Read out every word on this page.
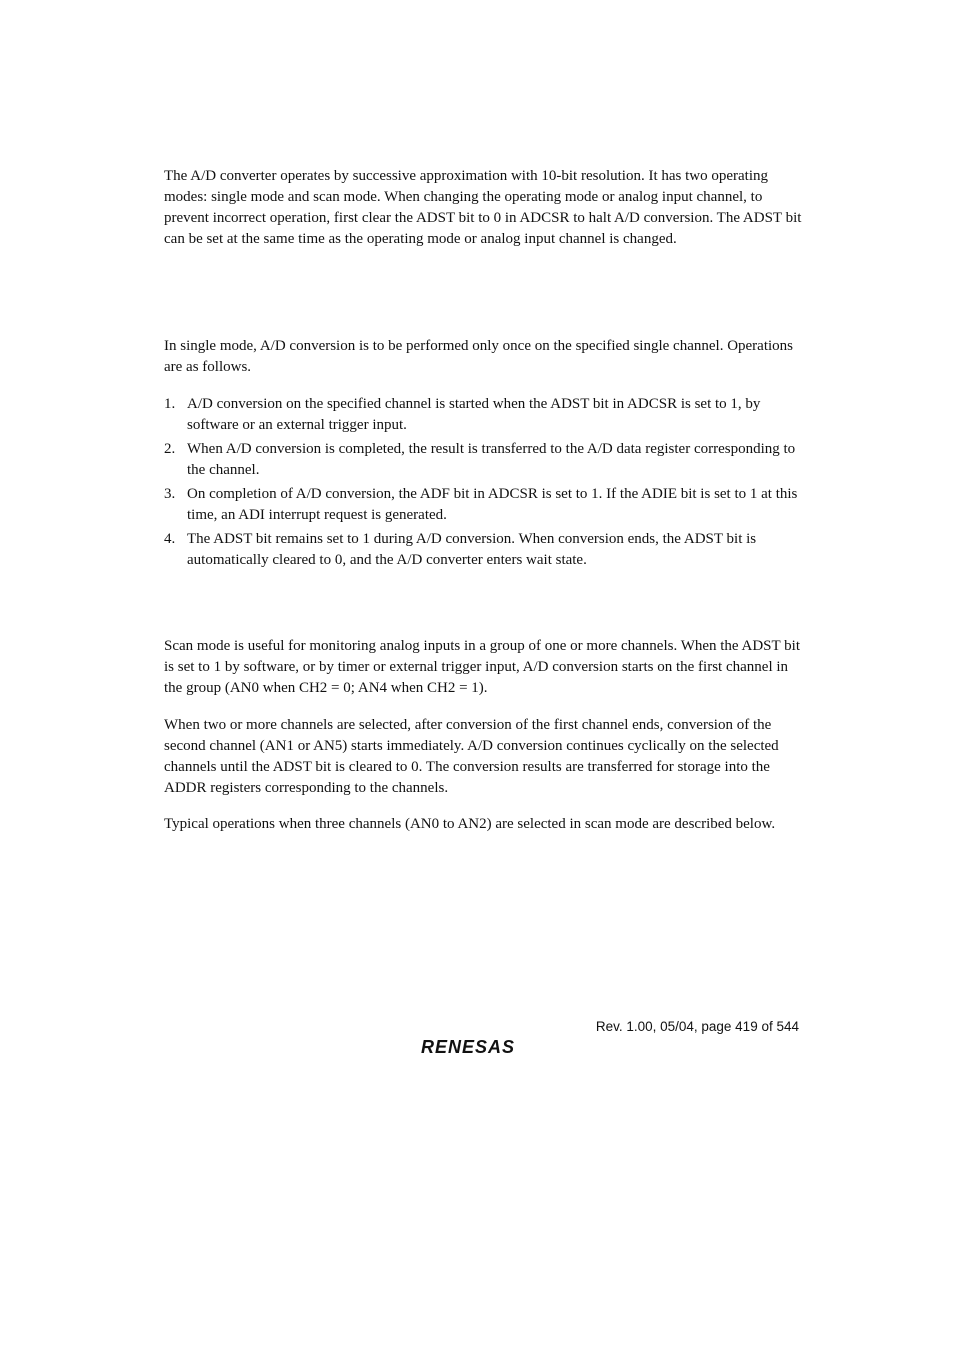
The A/D converter operates by successive approximation with 10-bit resolution. It has two operating modes: single mode and scan mode. When changing the operating mode or analog input channel, to prevent incorrect operation, first clear the ADST bit to 0 in ADCSR to halt A/D conversion. The ADST bit can be set at the same time as the operating mode or analog input channel is changed.

In single mode, A/D conversion is to be performed only once on the specified single channel. Operations are as follows.

1. A/D conversion on the specified channel is started when the ADST bit in ADCSR is set to 1, by software or an external trigger input.
2. When A/D conversion is completed, the result is transferred to the A/D data register corresponding to the channel.
3. On completion of A/D conversion, the ADF bit in ADCSR is set to 1. If the ADIE bit is set to 1 at this time, an ADI interrupt request is generated.
4. The ADST bit remains set to 1 during A/D conversion. When conversion ends, the ADST bit is automatically cleared to 0, and the A/D converter enters wait state.

Scan mode is useful for monitoring analog inputs in a group of one or more channels. When the ADST bit is set to 1 by software, or by timer or external trigger input, A/D conversion starts on the first channel in the group (AN0 when CH2 = 0; AN4 when CH2 = 1).

When two or more channels are selected, after conversion of the first channel ends, conversion of the second channel (AN1 or AN5) starts immediately. A/D conversion continues cyclically on the selected channels until the ADST bit is cleared to 0. The conversion results are transferred for storage into the ADDR registers corresponding to the channels.

Typical operations when three channels (AN0 to AN2) are selected in scan mode are described below.

Rev. 1.00, 05/04, page 419 of 544
RENESAS
